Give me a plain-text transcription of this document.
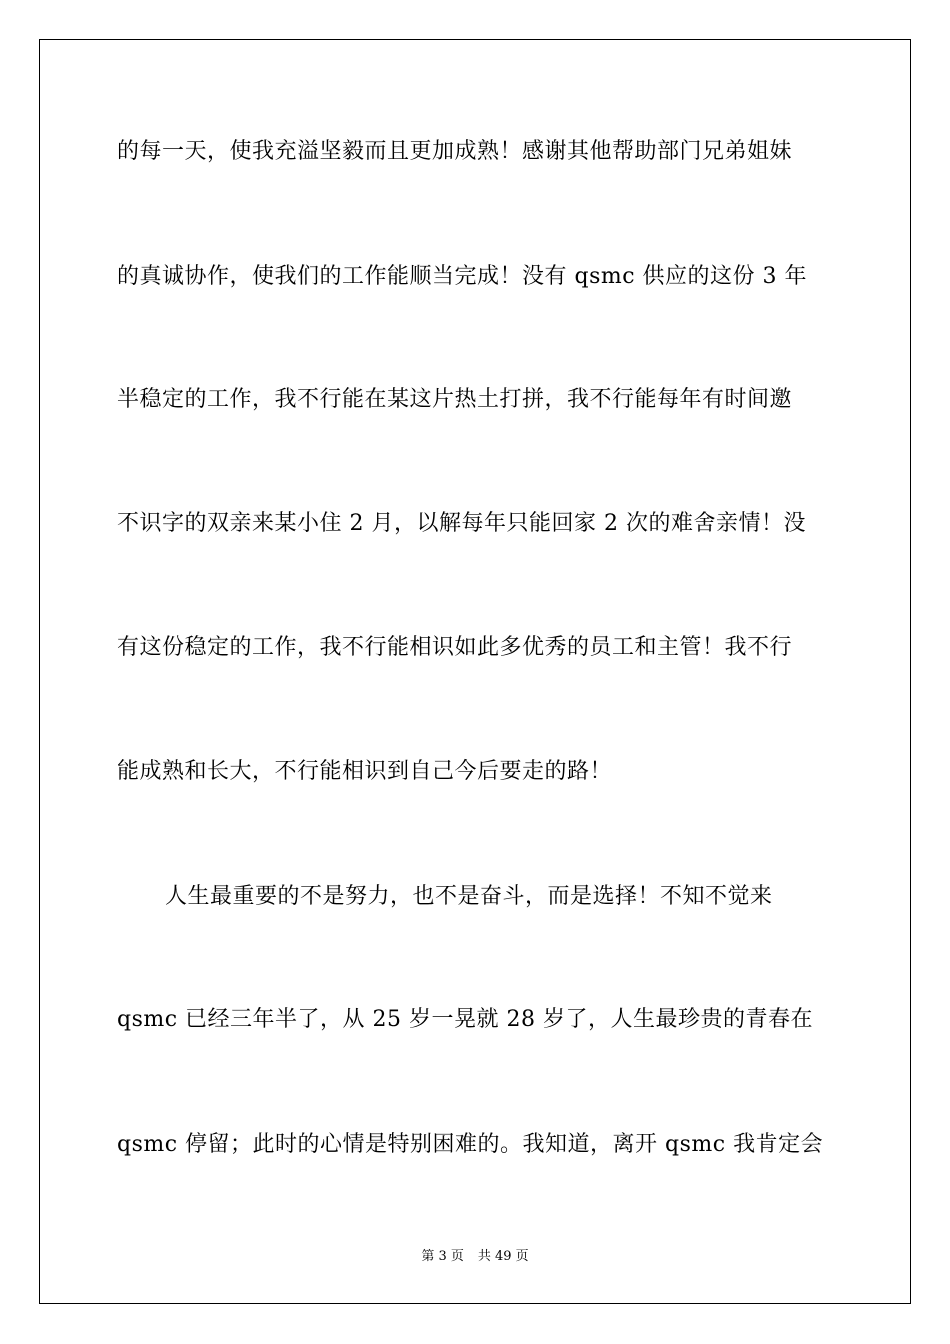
的每一天，使我充溢坚毅而且更加成熟！感谢其他帮助部门兄弟姐妹
的真诚协作，使我们的工作能顺当完成！没有 qsmc 供应的这份 3 年
半稳定的工作，我不行能在某这片热土打拼，我不行能每年有时间邀
不识字的双亲来某小住 2 月，以解每年只能回家 2 次的难舍亲情！没
有这份稳定的工作，我不行能相识如此多优秀的员工和主管！我不行
能成熟和长大，不行能相识到自己今后要走的路！
人生最重要的不是努力，也不是奋斗，而是选择！不知不觉来
qsmc 已经三年半了，从 25 岁一晃就 28 岁了，人生最珍贵的青春在
qsmc 停留；此时的心情是特别困难的。我知道，离开 qsmc 我肯定会
第 3 页 共 49 页
